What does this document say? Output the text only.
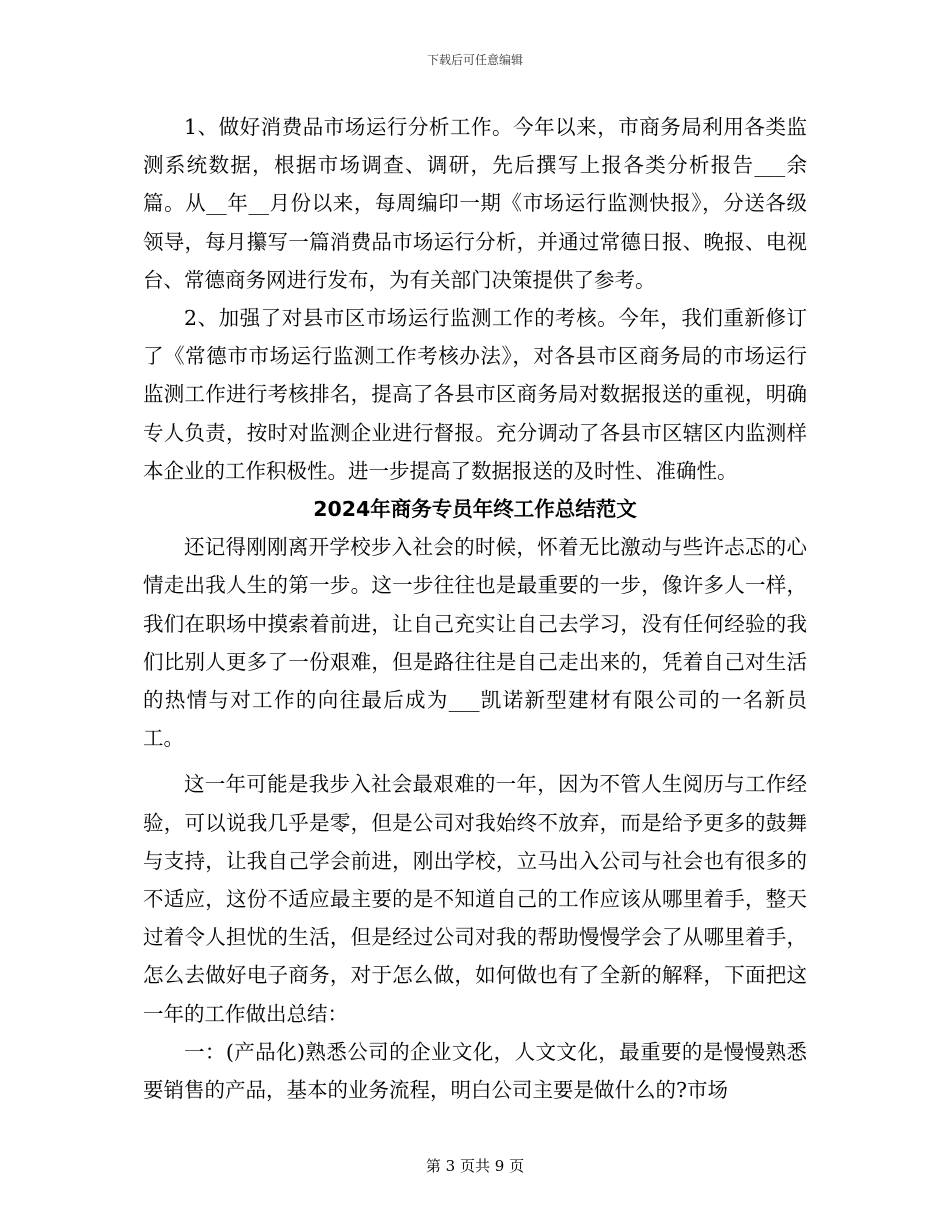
下载后可任意编辑

1、做好消费品市场运行分析工作。今年以来，市商务局利用各类监测系统数据，根据市场调查、调研，先后撰写上报各类分析报告___余篇。从__年__月份以来，每周编印一期《市场运行监测快报》，分送各级领导，每月攥写一篇消费品市场运行分析，并通过常德日报、晚报、电视台、常德商务网进行发布，为有关部门决策提供了参考。

2、加强了对县市区市场运行监测工作的考核。今年，我们重新修订了《常德市市场运行监测工作考核办法》，对各县市区商务局的市场运行监测工作进行考核排名，提高了各县市区商务局对数据报送的重视，明确专人负责，按时对监测企业进行督报。充分调动了各县市区辖区内监测样本企业的工作积极性。进一步提高了数据报送的及时性、准确性。

2024年商务专员年终工作总结范文

还记得刚刚离开学校步入社会的时候，怀着无比激动与些许忐忑的心情走出我人生的第一步。这一步往往也是最重要的一步，像许多人一样，我们在职场中摸索着前进，让自己充实让自己去学习，没有任何经验的我们比别人更多了一份艰难，但是路往往是自己走出来的，凭着自己对生活的热情与对工作的向往最后成为___凯诺新型建材有限公司的一名新员工。

这一年可能是我步入社会最艰难的一年，因为不管人生阅历与工作经验，可以说我几乎是零，但是公司对我始终不放弃，而是给予更多的鼓舞与支持，让我自己学会前进，刚出学校，立马出入公司与社会也有很多的不适应，这份不适应最主要的是不知道自己的工作应该从哪里着手，整天过着令人担忧的生活，但是经过公司对我的帮助慢慢学会了从哪里着手，怎么去做好电子商务，对于怎么做，如何做也有了全新的解释，下面把这一年的工作做出总结：

一：(产品化)熟悉公司的企业文化，人文文化，最重要的是慢慢熟悉要销售的产品，基本的业务流程，明白公司主要是做什么的?市场

第 3 页共 9 页
